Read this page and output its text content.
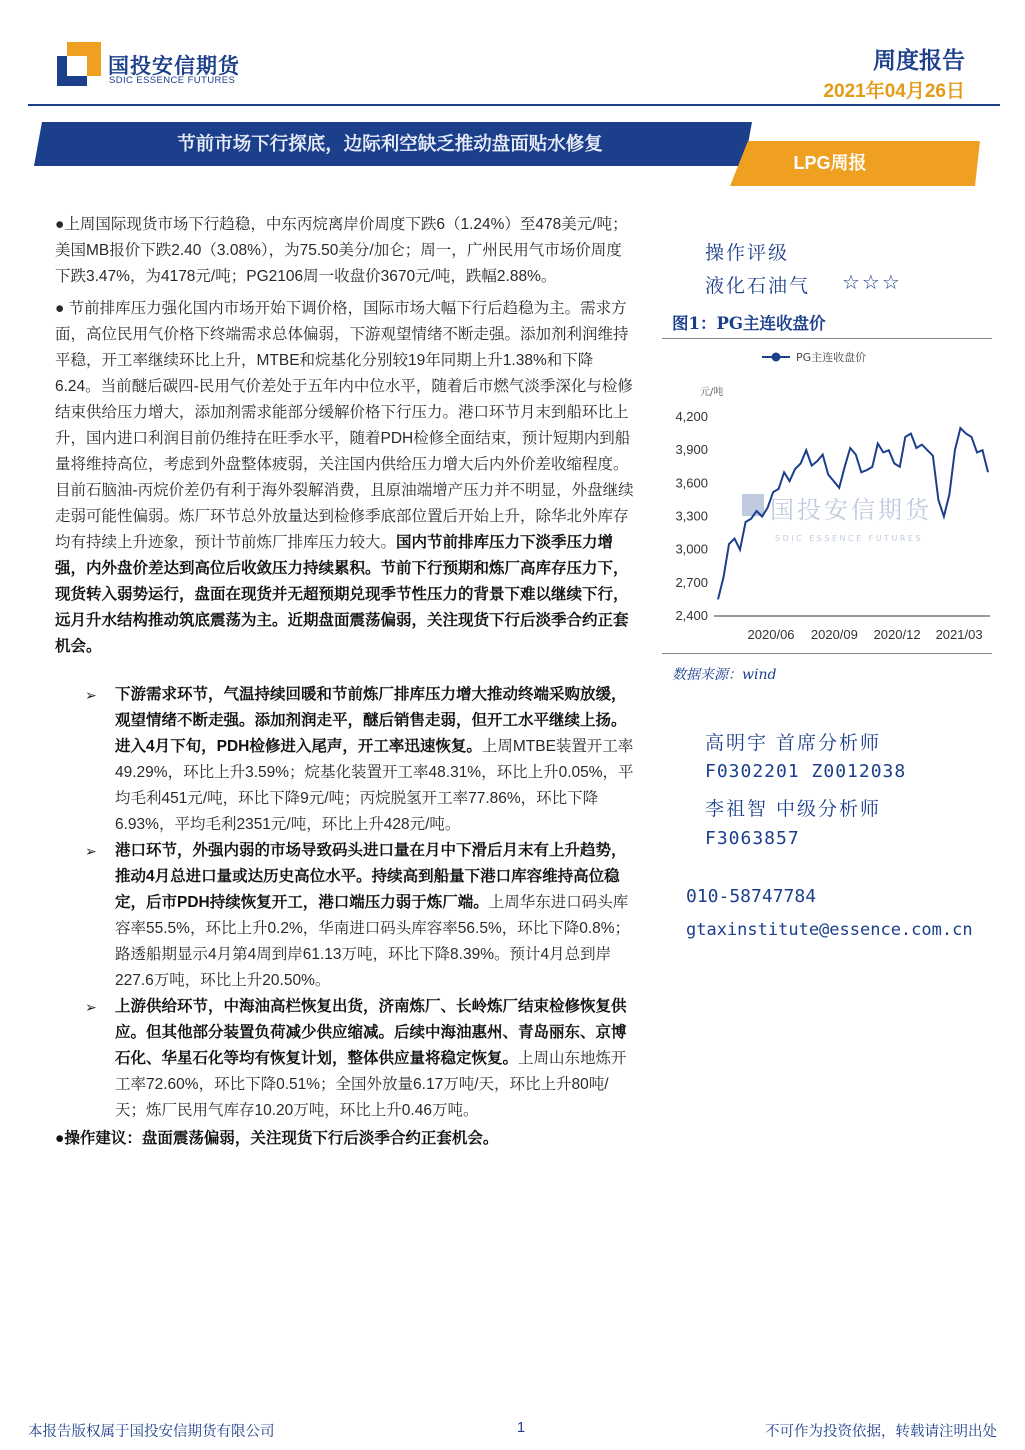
国投安信期货
SDIC ESSENCE FUTURES
周度报告
2021年04月26日
节前市场下行探底，边际利空缺乏推动盘面贴水修复
LPG周报

●上周国际现货市场下行趋稳，中东丙烷离岸价周度下跌6（1.24%）至478美元/吨；美国MB报价下跌2.40（3.08%），为75.50美分/加仑；周一，广州民用气市场价周度下跌3.47%，为4178元/吨；PG2106周一收盘价3670元/吨，跌幅2.88%。

● 节前排库压力强化国内市场开始下调价格，国际市场大幅下行后趋稳为主。需求方面，高位民用气价格下终端需求总体偏弱，下游观望情绪不断走强。添加剂利润维持平稳，开工率继续环比上升，MTBE和烷基化分别较19年同期上升1.38%和下降6.24。当前醚后碳四-民用气价差处于五年内中位水平，随着后市燃气淡季深化与检修结束供给压力增大，添加剂需求能部分缓解价格下行压力。港口环节月末到船环比上升，国内进口利润目前仍维持在旺季水平，随着PDH检修全面结束，预计短期内到船量将维持高位，考虑到外盘整体疲弱，关注国内供给压力增大后内外价差收缩程度。目前石脑油-丙烷价差仍有利于海外裂解消费，且原油端增产压力并不明显，外盘继续走弱可能性偏弱。炼厂环节总外放量达到检修季底部位置后开始上升，除华北外库存均有持续上升迹象，预计节前炼厂排库压力较大。国内节前排库压力下淡季压力增强，内外盘价差达到高位后收敛压力持续累积。节前下行预期和炼厂高库存压力下，现货转入弱势运行，盘面在现货并无超预期兑现季节性压力的背景下难以继续下行，远月升水结构推动筑底震荡为主。近期盘面震荡偏弱，关注现货下行后淡季合约正套机会。

➢	下游需求环节，气温持续回暖和节前炼厂排库压力增大推动终端采购放缓，观望情绪不断走强。添加剂润走平，醚后销售走弱，但开工水平继续上扬。进入4月下旬，PDH检修进入尾声，开工率迅速恢复。上周MTBE装置开工率49.29%，环比上升3.59%；烷基化装置开工率48.31%，环比上升0.05%，平均毛利451元/吨，环比下降9元/吨；丙烷脱氢开工率77.86%，环比下降6.93%，平均毛利2351元/吨，环比上升428元/吨。

➢	港口环节，外强内弱的市场导致码头进口量在月中下滑后月末有上升趋势，推动4月总进口量或达历史高位水平。持续高到船量下港口库容维持高位稳定，后市PDH持续恢复开工，港口端压力弱于炼厂端。上周华东进口码头库容率55.5%，环比上升0.2%，华南进口码头库容率56.5%，环比下降0.8%；路透船期显示4月第4周到岸61.13万吨，环比下降8.39%。预计4月总到岸227.6万吨，环比上升20.50%。

➢	上游供给环节，中海油高栏恢复出货，济南炼厂、长岭炼厂结束检修恢复供应。但其他部分装置负荷减少供应缩减。后续中海油惠州、青岛丽东、京博石化、华星石化等均有恢复计划，整体供应量将稳定恢复。上周山东地炼开工率72.60%，环比下降0.51%；全国外放量6.17万吨/天，环比上升80吨/天；炼厂民用气库存10.20万吨，环比上升0.46万吨。

●操作建议：盘面震荡偏弱，关注现货下行后淡季合约正套机会。
操作评级
液化石油气 ☆☆☆
图1：PG主连收盘价
PG主连收盘价
元/吨
国投安信期货
SDIC ESSENCE FUTURES
2,400
2,700
3,000
3,300
3,600
3,900
4,200
2020/06 2020/09 2020/12 2021/03
数据来源：wind
高明宇 首席分析师
F0302201 Z0012038
李祖智 中级分析师
F3063857
010-58747784
gtaxinstitute@essence.com.cn
本报告版权属于国投安信期货有限公司	1	不可作为投资依据，转载请注明出处
